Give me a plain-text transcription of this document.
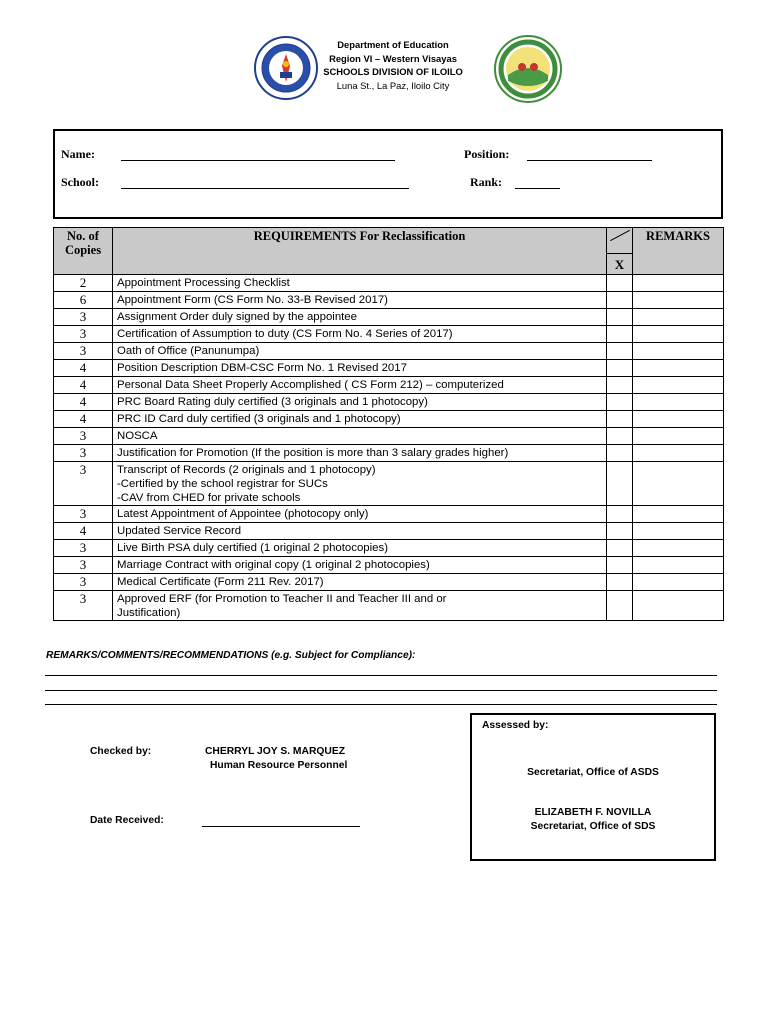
Department of Education
Region VI – Western Visayas
SCHOOLS DIVISION OF ILOILO
Luna St., La Paz, Iloilo City
Name:	Position:
School:	Rank:
No. of Copies	REQUIREMENTS For Reclassification	X	REMARKS
2	Appointment Processing Checklist		
6	Appointment Form (CS Form No. 33-B Revised 2017)		
3	Assignment Order duly signed by the appointee		
3	Certification of Assumption to duty (CS Form No. 4 Series of 2017)		
3	Oath of Office (Panunumpa)		
4	Position Description DBM-CSC Form No. 1 Revised 2017		
4	Personal Data Sheet Properly Accomplished ( CS Form 212) – computerized		
4	PRC Board Rating duly certified (3 originals and 1 photocopy)		
4	PRC ID Card duly certified (3 originals and 1 photocopy)		
3	NOSCA		
3	Justification for Promotion (If the position is more than 3 salary grades higher)		
3	Transcript of Records (2 originals and 1 photocopy)
-Certified by the school registrar for SUCs
-CAV from CHED for private schools		

3	Latest Appointment of Appointee (photocopy only)		
4	Updated Service Record		
3	Live Birth PSA duly certified (1 original 2 photocopies)		
3	Marriage Contract with original copy (1 original 2 photocopies)		
3	Medical Certificate (Form 211 Rev. 2017)		
3	Approved ERF (for Promotion to Teacher II and Teacher III and or
Justification)		

REMARKS/COMMENTS/RECOMMENDATIONS (e.g. Subject for Compliance):
Checked by:	CHERRYL JOY S. MARQUEZ
Human Resource Personnel
Date Received:
Assessed by:
Secretariat, Office of ASDS
ELIZABETH F. NOVILLA
Secretariat, Office of SDS
